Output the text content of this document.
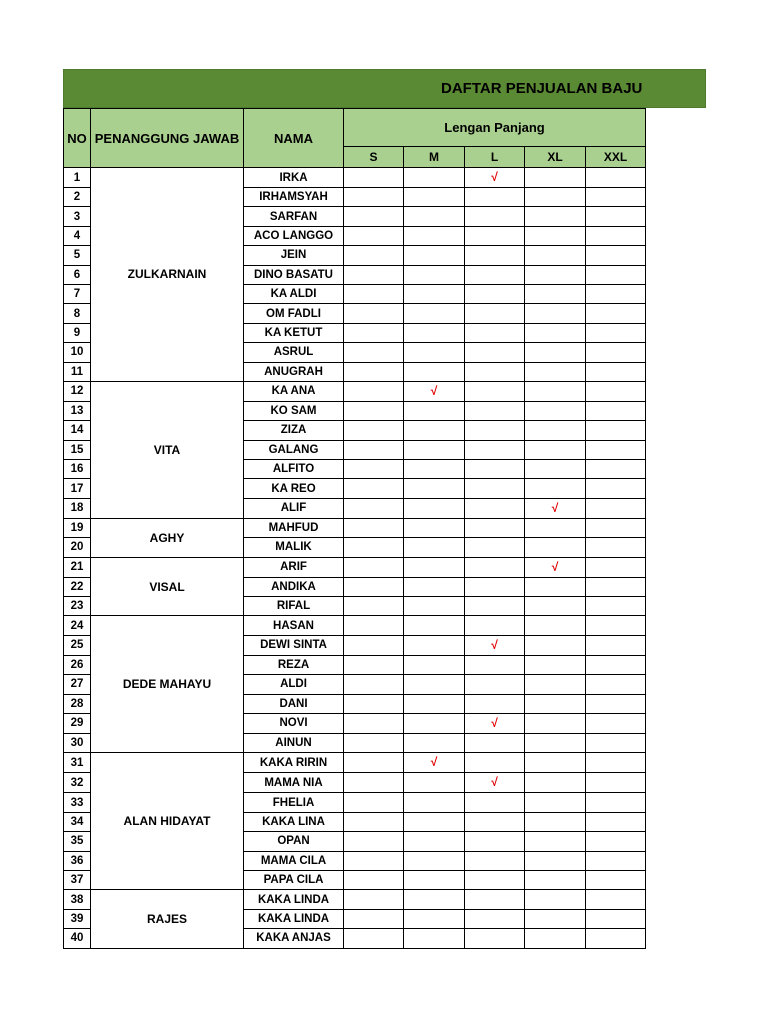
DAFTAR PENJUALAN BAJU
NO	PENANGGUNG JAWAB	NAMA	Lengan Panjang				
			S	M	L	XL	XXL
1	ZULKARNAIN	IRKA			√		
2		IRHAMSYAH					
3		SARFAN					
4		ACO LANGGO					
5		JEIN					
6		DINO BASATU					
7		KA ALDI					
8		OM FADLI					
9		KA KETUT					
10		ASRUL					
11		ANUGRAH					
12	VITA	KA ANA		√			
13		KO SAM					
14		ZIZA					
15		GALANG					
16		ALFITO					
17		KA REO					
18		ALIF				√	
19	AGHY	MAHFUD					
20		MALIK					
21	VISAL	ARIF				√	
22		ANDIKA					
23		RIFAL					
24	DEDE MAHAYU	HASAN					
25		DEWI SINTA			√		
26		REZA					
27		ALDI					
28		DANI					
29		NOVI			√		
30		AINUN					
31	ALAN HIDAYAT	KAKA RIRIN		√			
32		MAMA NIA			√		
33		FHELIA					
34		KAKA LINA					
35		OPAN					
36		MAMA CILA					
37		PAPA CILA					
38	RAJES	KAKA LINDA					
39		KAKA LINDA					
40		KAKA ANJAS					
